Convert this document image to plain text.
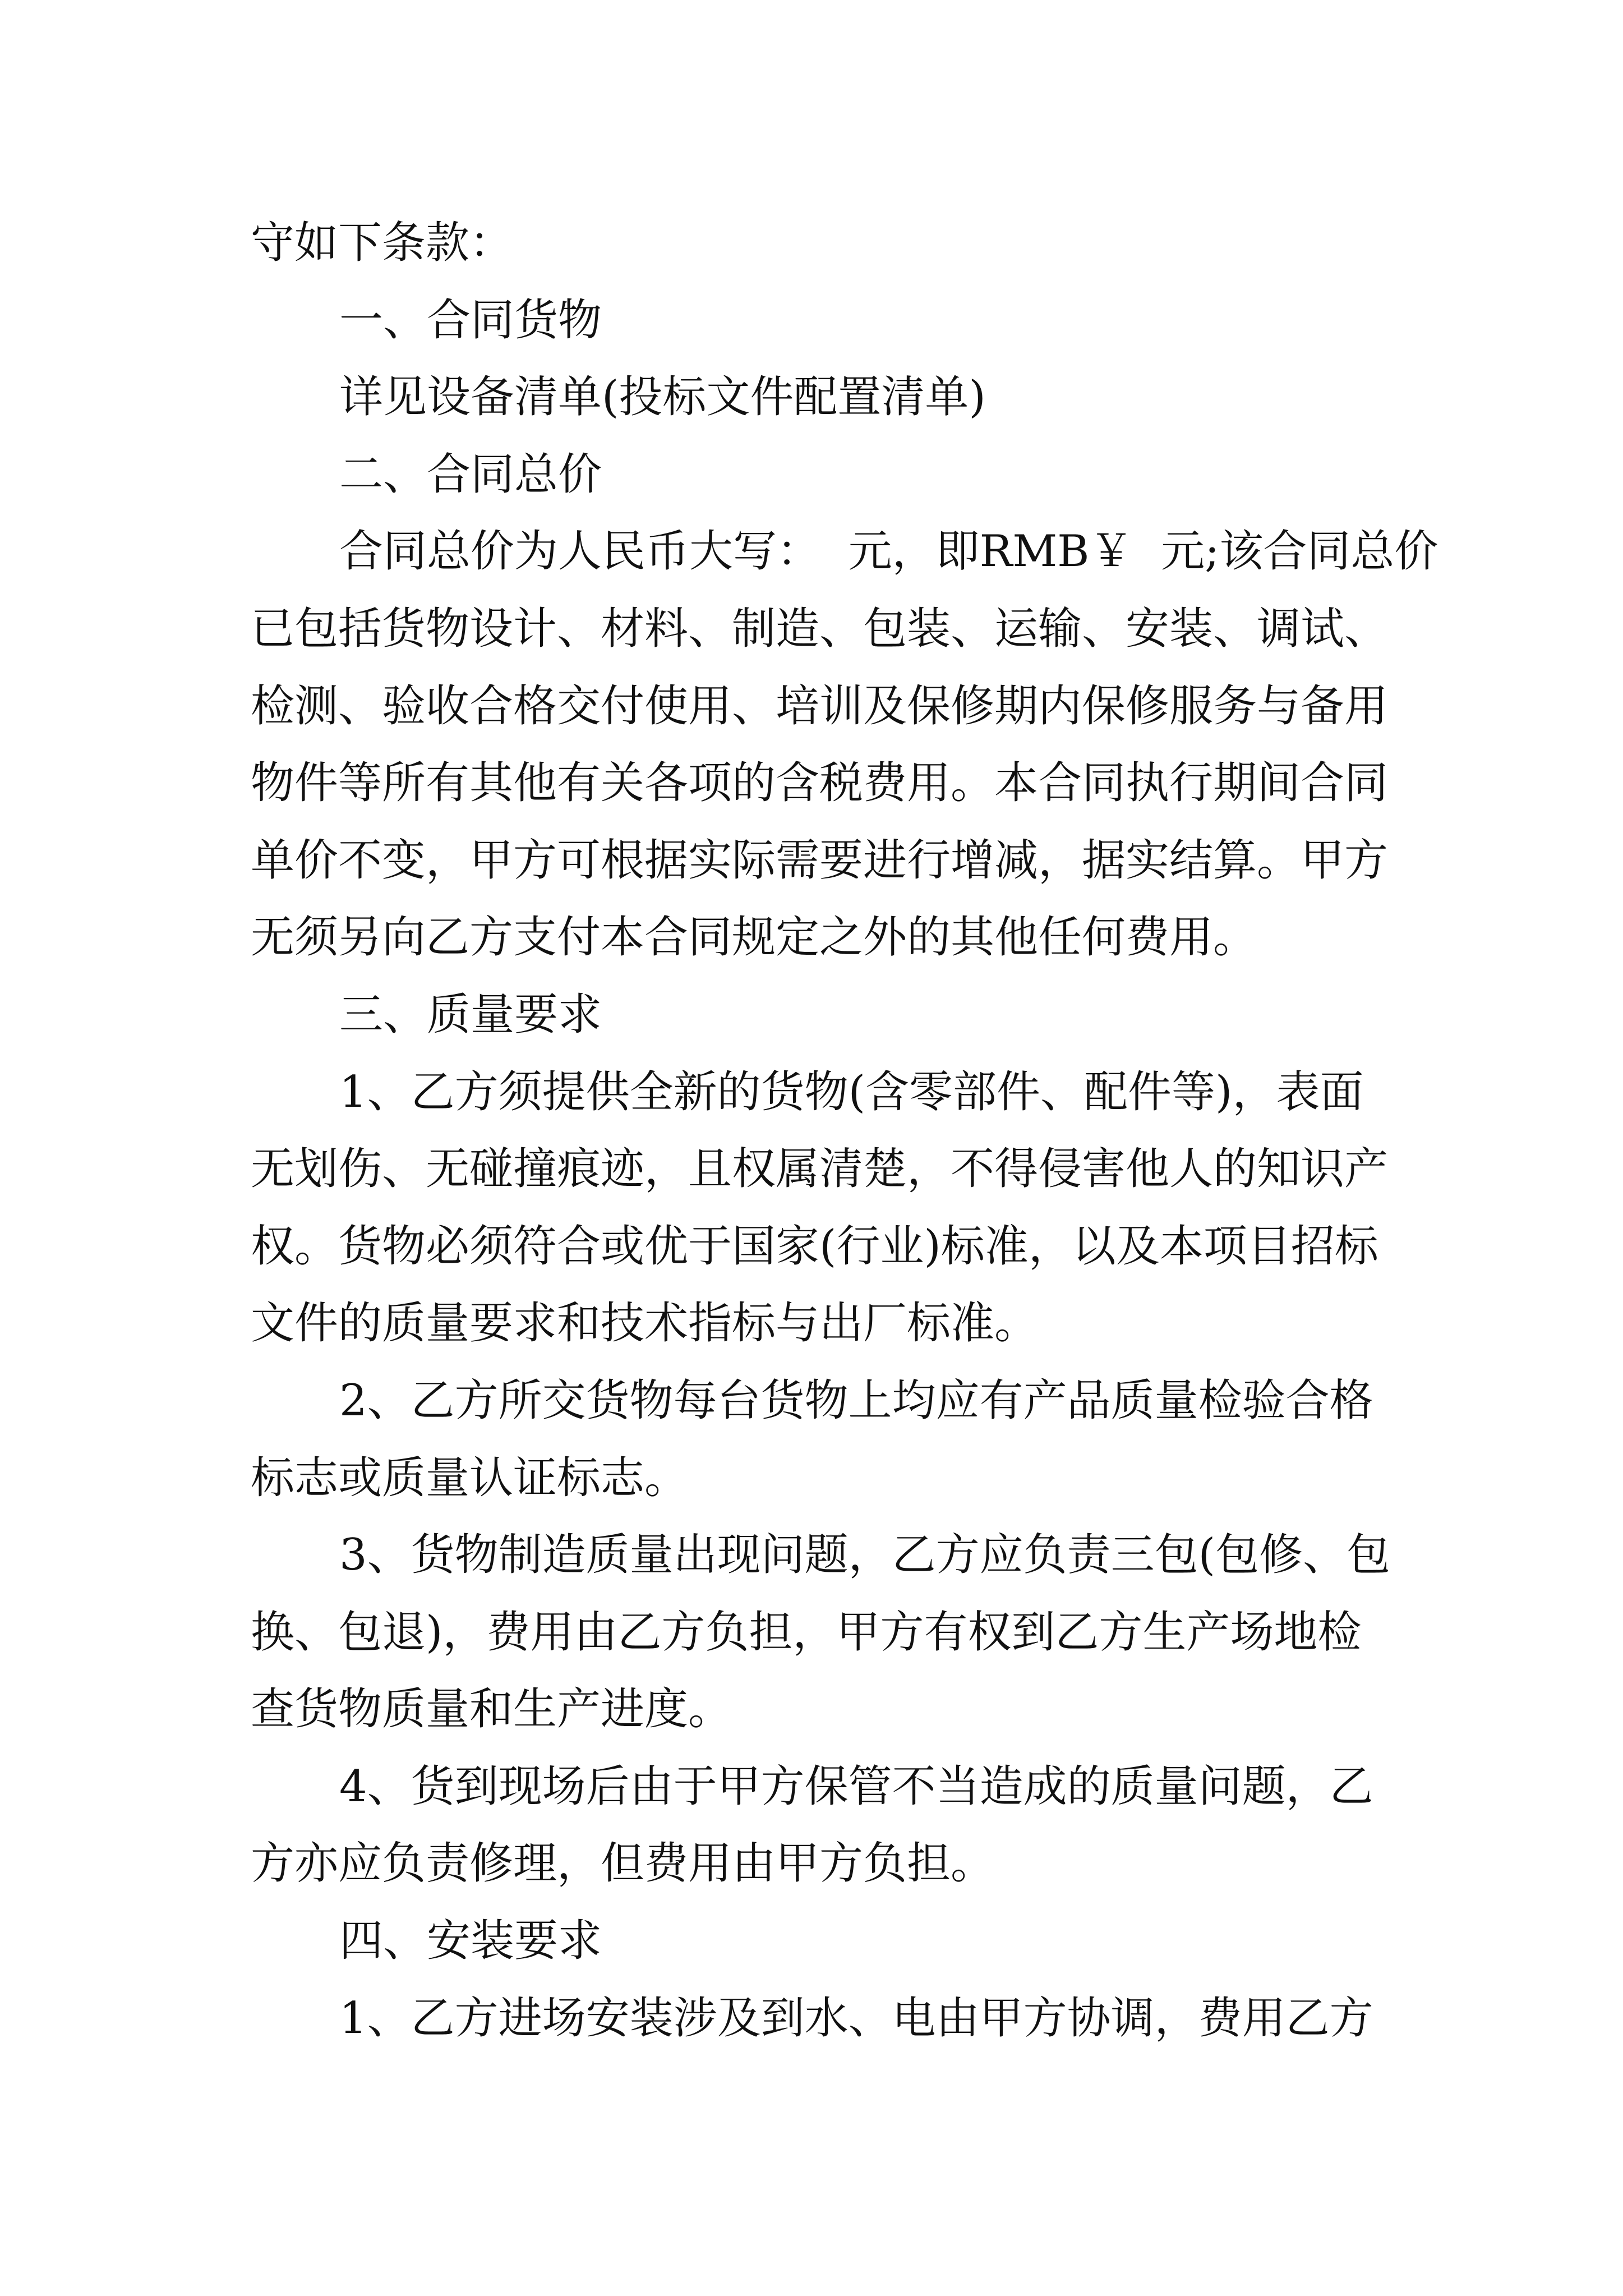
守如下条款：
一、合同货物
详见设备清单(投标文件配置清单)
二、合同总价
合同总价为人民币大写：  元，即RMB￥  元;该合同总价
已包括货物设计、材料、制造、包装、运输、安装、调试、
检测、验收合格交付使用、培训及保修期内保修服务与备用
物件等所有其他有关各项的含税费用。本合同执行期间合同
单价不变，甲方可根据实际需要进行增减，据实结算。甲方
无须另向乙方支付本合同规定之外的其他任何费用。
三、质量要求
1、乙方须提供全新的货物(含零部件、配件等)，表面
无划伤、无碰撞痕迹，且权属清楚，不得侵害他人的知识产
权。货物必须符合或优于国家(行业)标准，以及本项目招标
文件的质量要求和技术指标与出厂标准。
2、乙方所交货物每台货物上均应有产品质量检验合格
标志或质量认证标志。
3、货物制造质量出现问题，乙方应负责三包(包修、包
换、包退)，费用由乙方负担，甲方有权到乙方生产场地检
查货物质量和生产进度。
4、货到现场后由于甲方保管不当造成的质量问题，乙
方亦应负责修理，但费用由甲方负担。
四、安装要求
1、乙方进场安装涉及到水、电由甲方协调，费用乙方
